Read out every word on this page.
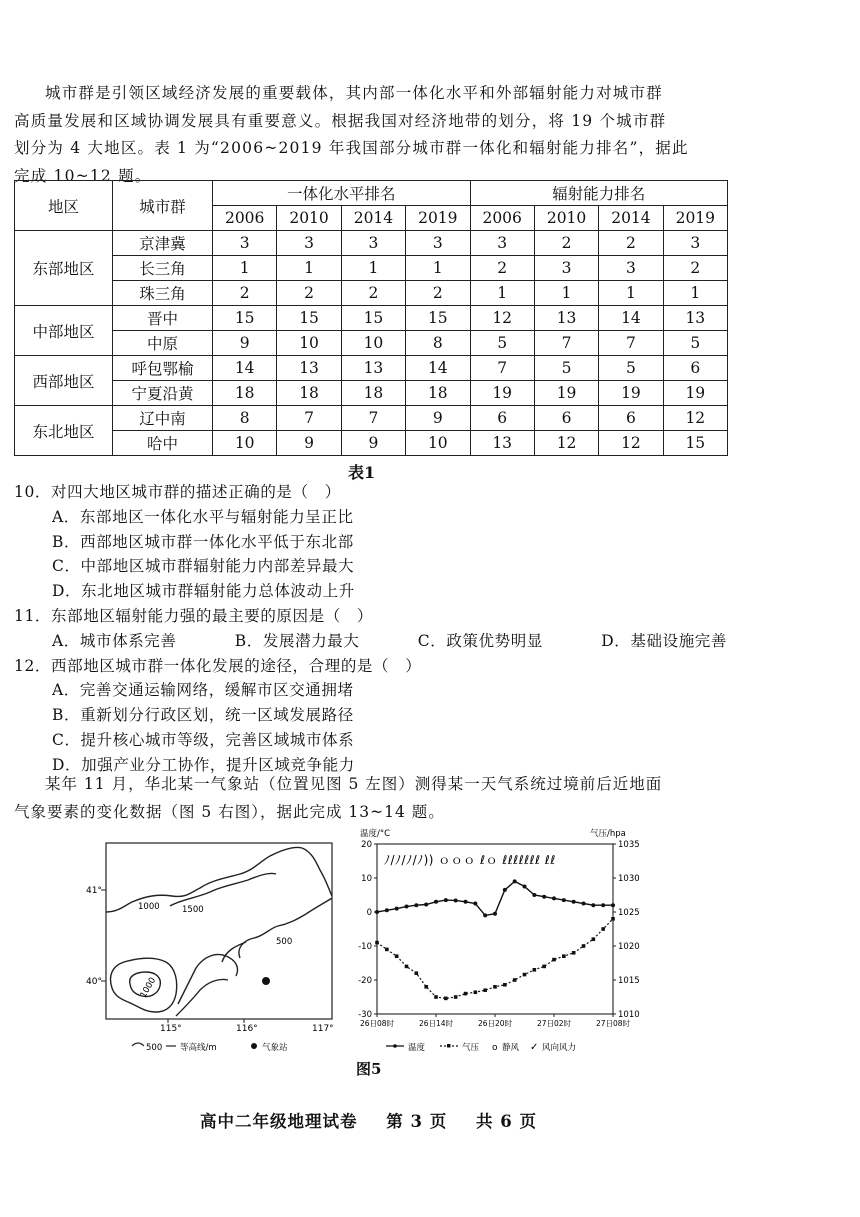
城市群是引领区域经济发展的重要载体，其内部一体化水平和外部辐射能力对城市群
高质量发展和区域协调发展具有重要意义。根据我国对经济地带的划分，将 19 个城市群
划分为 4 大地区。表 1 为“2006~2019 年我国部分城市群一体化和辐射能力排名”，据此
完成 10~12 题。
地区	城市群	一体化水平排名				辐射能力排名			
		2006	2010	2014	2019	2006	2010	2014	2019
东部地区	京津冀	3	3	3	3	3	2	2	3
	长三角	1	1	1	1	2	3	3	2
	珠三角	2	2	2	2	1	1	1	1
中部地区	晋中	15	15	15	15	12	13	14	13
	中原	9	10	10	8	5	7	7	5
西部地区	呼包鄂榆	14	13	13	14	7	5	5	6
	宁夏沿黄	18	18	18	18	19	19	19	19
东北地区	辽中南	8	7	7	9	6	6	6	12
	哈中	10	9	9	10	13	12	12	15
表1
10．对四大地区城市群的描述正确的是（　）
A．东部地区一体化水平与辐射能力呈正比
B．西部地区城市群一体化水平低于东北部
C．中部地区城市群辐射能力内部差异最大
D．东北地区城市群辐射能力总体波动上升
11．东部地区辐射能力强的最主要的原因是（　）
A．城市体系完善	B．发展潜力最大	C．政策优势明显	D．基础设施完善
12．西部地区城市群一体化发展的途径，合理的是（　）
A．完善交通运输网络，缓解市区交通拥堵
B．重新划分行政区划，统一区域发展路径
C．提升核心城市等级，完善区域城市体系
D．加强产业分工协作，提升区域竞争能力
某年 11 月，华北某一气象站（位置见图 5 左图）测得某一天气系统过境前后近地面
气象要素的变化数据（图 5 右图），据此完成 13~14 题。
1000	1500
500
1000
41°
40°
115°	116°	117°
500 等高线/m	气象站
温度/°C	气压/hpa
ﾉ/ﾉ/ﾉ/ﾉ)) ｏｏｏ ℓｏ ℓℓℓℓℓℓℓ ℓℓ
20
10
0
-10
-20
-30
1035
1030
1025
1020
1015
1010
26日08时	26日14时	26日20时	27日02时	27日08时
温度	气压 ο 静风 ✓ 风向风力
图5
高中二年级地理试卷 第 3 页 共 6 页
